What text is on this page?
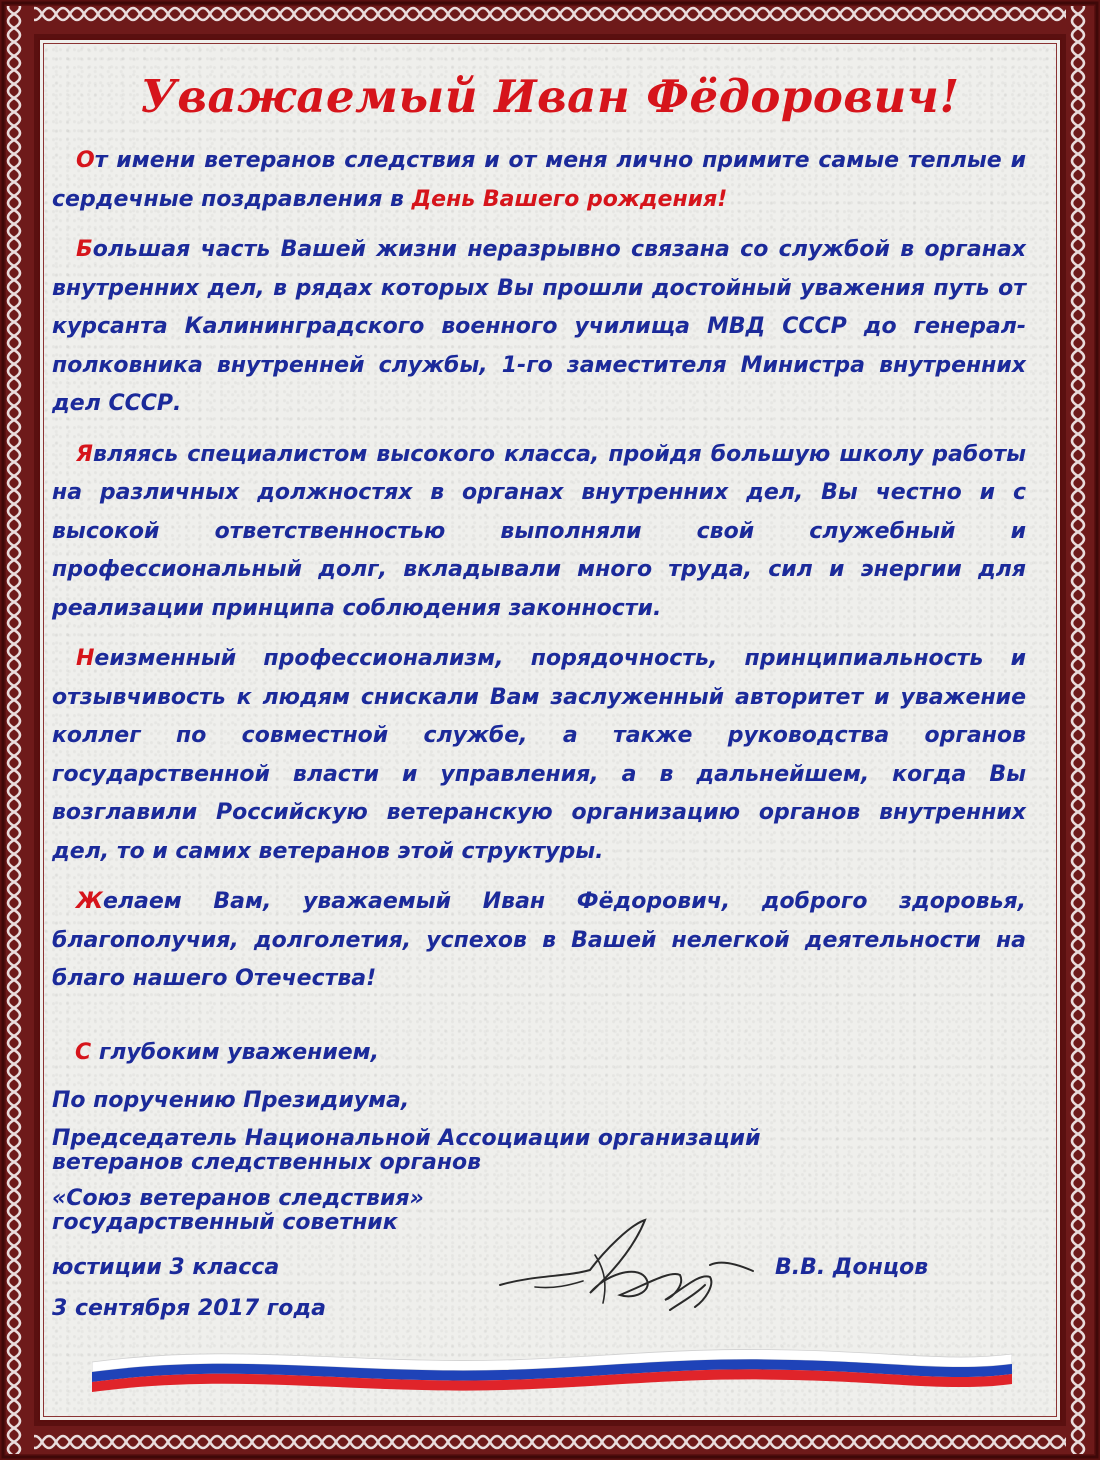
Уважаемый Иван Фёдорович!

От имени ветеранов следствия и от меня лично примите самые теплые и сердечные поздравления в День Вашего рождения!

Большая часть Вашей жизни неразрывно связана со службой в органах внутренних дел, в рядах которых Вы прошли достойный уважения путь от курсанта Калининградского военного училища МВД СССР до генерал-полковника внутренней службы, 1-го заместителя Министра внутренних дел СССР.

Являясь специалистом высокого класса, пройдя большую школу работы на различных должностях в органах внутренних дел, Вы честно и с высокой ответственностью выполняли свой служебный и профессиональный долг, вкладывали много труда, сил и энергии для реализации принципа соблюдения законности.

Неизменный профессионализм, порядочность, принципиальность и отзывчивость к людям снискали Вам заслуженный авторитет и уважение коллег по совместной службе, а также руководства органов государственной власти и управления, а в дальнейшем, когда Вы возглавили Российскую ветеранскую организацию органов внутренних дел, то и самих ветеранов этой структуры.

Желаем Вам, уважаемый Иван Фёдорович, доброго здоровья, благополучия, долголетия, успехов в Вашей нелегкой деятельности на благо нашего Отечества!

С глубоким уважением,
По поручению Президиума,
Председатель Национальной Ассоциации организаций
ветеранов следственных органов
«Союз ветеранов следствия»
государственный советник
юстиции 3 класса	В.В. Донцов
3 сентября 2017 года
